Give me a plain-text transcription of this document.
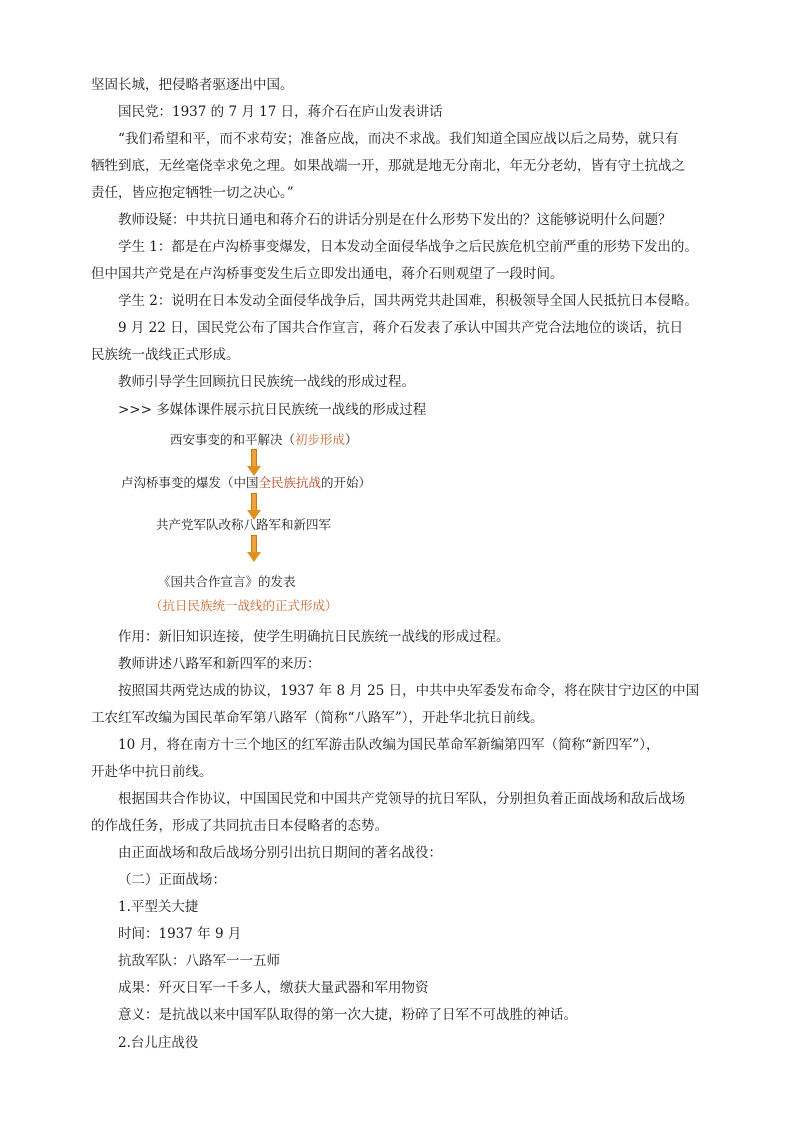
坚固长城，把侵略者驱逐出中国。
国民党：1937 的 7 月 17 日，蒋介石在庐山发表讲话
“我们希望和平，而不求苟安；准备应战，而决不求战。我们知道全国应战以后之局势，就只有
牺牲到底，无丝毫侥幸求免之理。如果战端一开，那就是地无分南北，年无分老幼，皆有守土抗战之
责任，皆应抱定牺牲一切之决心。”
教师设疑：中共抗日通电和蒋介石的讲话分别是在什么形势下发出的？这能够说明什么问题？
学生 1：都是在卢沟桥事变爆发，日本发动全面侵华战争之后民族危机空前严重的形势下发出的。
但中国共产党是在卢沟桥事变发生后立即发出通电，蒋介石则观望了一段时间。
学生 2：说明在日本发动全面侵华战争后，国共两党共赴国难，积极领导全国人民抵抗日本侵略。
9 月 22 日，国民党公布了国共合作宣言，蒋介石发表了承认中国共产党合法地位的谈话，抗日
民族统一战线正式形成。
教师引导学生回顾抗日民族统一战线的形成过程。
>>> 多媒体课件展示抗日民族统一战线的形成过程
西安事变的和平解决（初步形成）
卢沟桥事变的爆发（中国全民族抗战的开始）
共产党军队改称八路军和新四军
《国共合作宣言》的发表
（抗日民族统一战线的正式形成）
作用：新旧知识连接，使学生明确抗日民族统一战线的形成过程。
教师讲述八路军和新四军的来历：
按照国共两党达成的协议，1937 年 8 月 25 日，中共中央军委发布命令，将在陕甘宁边区的中国
工农红军改编为国民革命军第八路军（简称“八路军”），开赴华北抗日前线。
10 月，将在南方十三个地区的红军游击队改编为国民革命军新编第四军（简称“新四军”），
开赴华中抗日前线。
根据国共合作协议，中国国民党和中国共产党领导的抗日军队，分别担负着正面战场和敌后战场
的作战任务，形成了共同抗击日本侵略者的态势。
由正面战场和敌后战场分别引出抗日期间的著名战役：
（二）正面战场：
1.平型关大捷
时间：1937 年 9 月
抗敌军队：八路军一一五师
成果：歼灭日军一千多人，缴获大量武器和军用物资
意义：是抗战以来中国军队取得的第一次大捷，粉碎了日军不可战胜的神话。
2.台儿庄战役
